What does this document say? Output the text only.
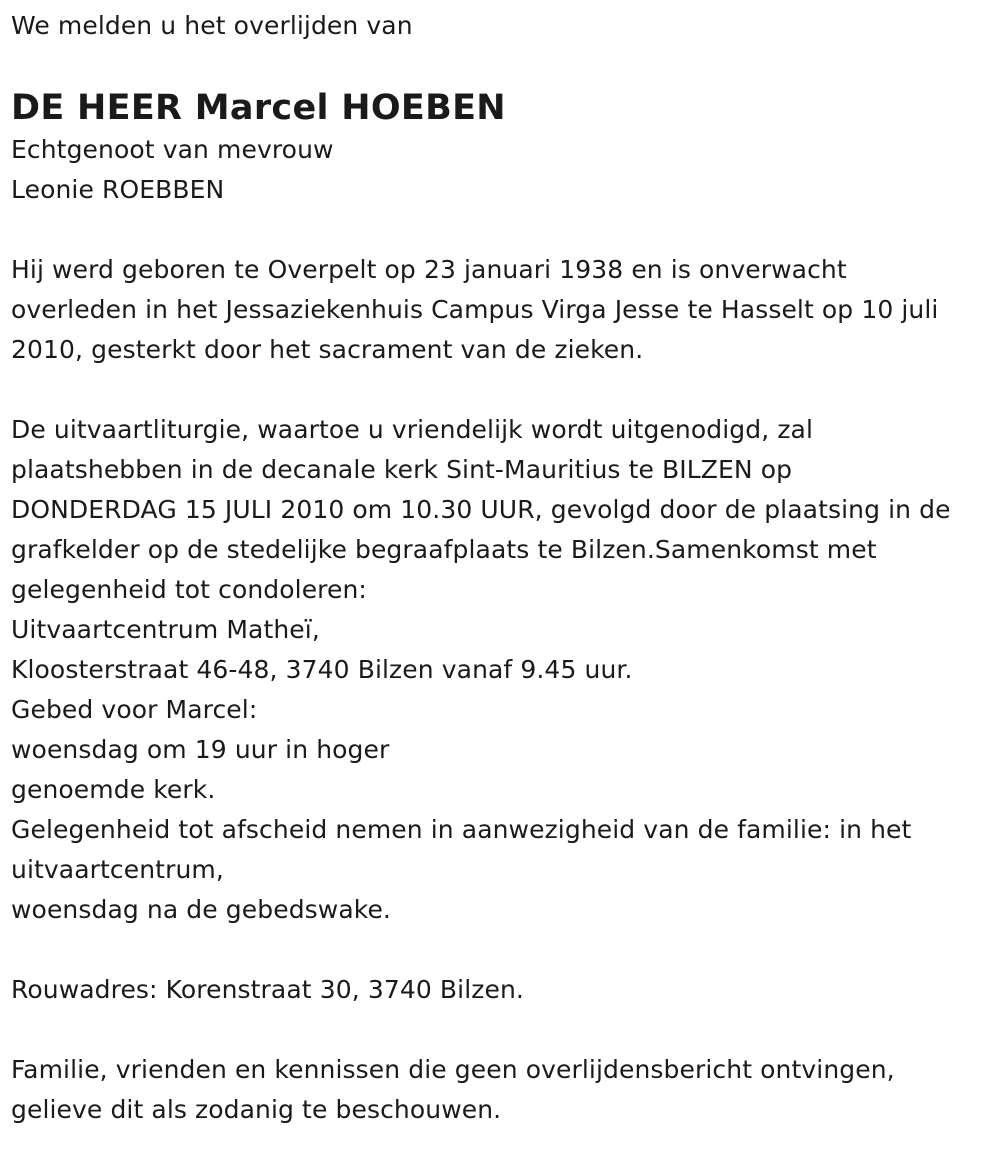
We melden u het overlijden van
DE HEER Marcel HOEBEN
Echtgenoot van mevrouw
Leonie ROEBBEN
Hij werd geboren te Overpelt op 23 januari 1938 en is onverwacht
overleden in het Jessaziekenhuis Campus Virga Jesse te Hasselt op 10 juli
2010, gesterkt door het sacrament van de zieken.
De uitvaartliturgie, waartoe u vriendelijk wordt uitgenodigd, zal
plaatshebben in de decanale kerk Sint-Mauritius te BILZEN op
DONDERDAG 15 JULI 2010 om 10.30 UUR, gevolgd door de plaatsing in de
grafkelder op de stedelijke begraafplaats te Bilzen.Samenkomst met
gelegenheid tot condoleren:
Uitvaartcentrum Matheï,
Kloosterstraat 46-48, 3740 Bilzen vanaf 9.45 uur.
Gebed voor Marcel:
woensdag om 19 uur in hoger
genoemde kerk.
Gelegenheid tot afscheid nemen in aanwezigheid van de familie: in het
uitvaartcentrum,
woensdag na de gebedswake.
Rouwadres: Korenstraat 30, 3740 Bilzen.
Familie, vrienden en kennissen die geen overlijdensbericht ontvingen,
gelieve dit als zodanig te beschouwen.
